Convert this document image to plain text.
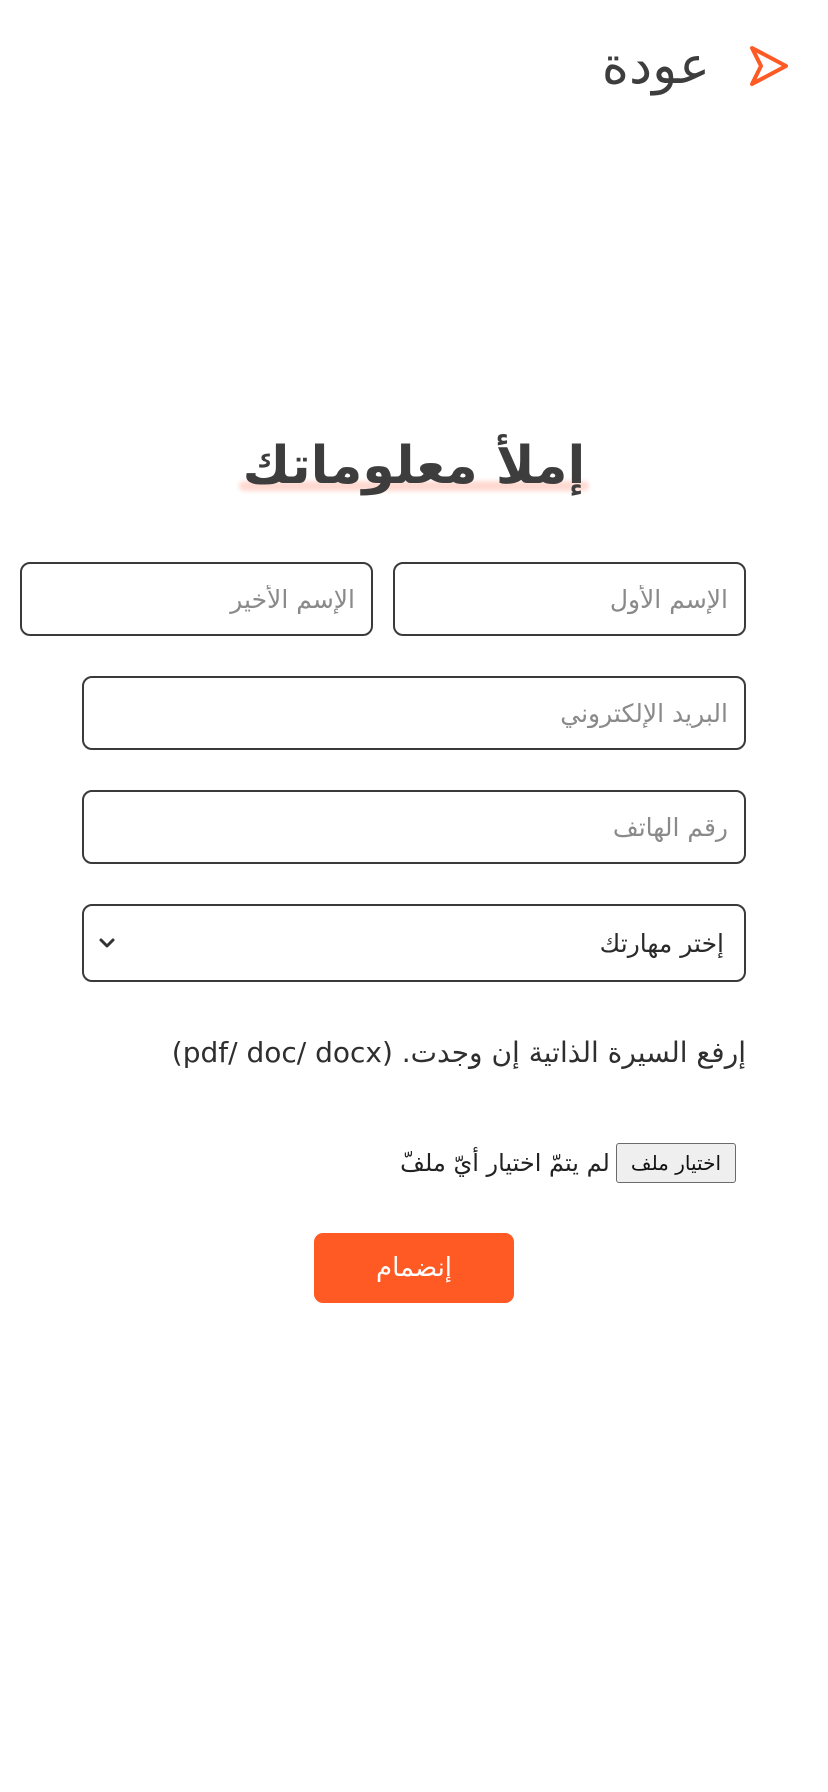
عودة
إملأ معلوماتك
الإسم الأول
الإسم الأخير
البريد الإلكتروني
رقم الهاتف
إختر مهارتك
إرفع السيرة الذاتية إن وجدت. (pdf/ doc/ docx)
اختيار ملف
لم يتمّ اختيار أيّ ملفّ
إنضمام
